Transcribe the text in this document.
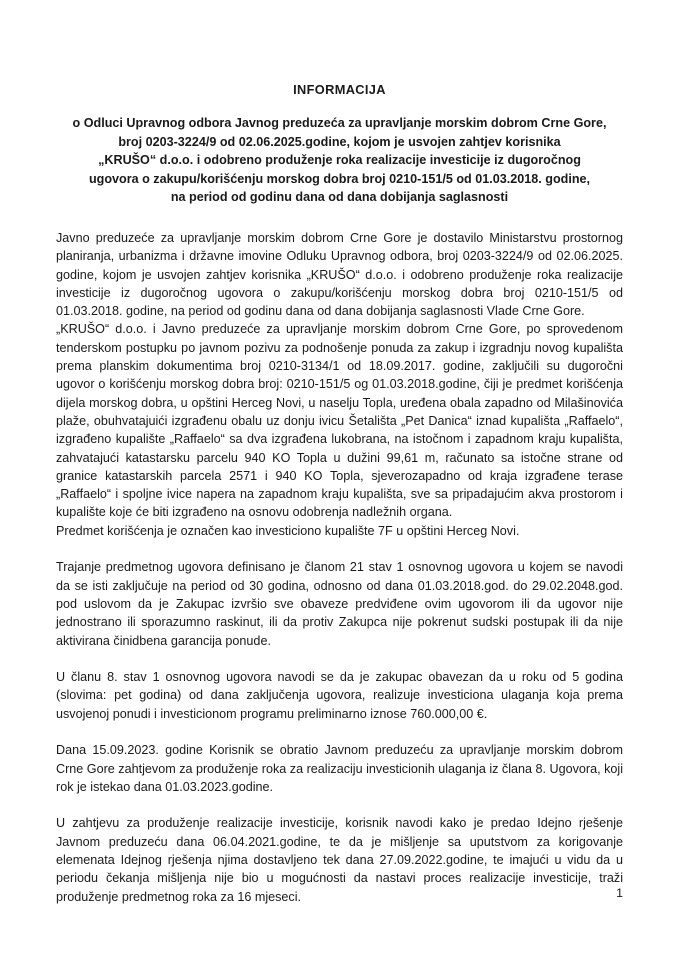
INFORMACIJA
o Odluci Upravnog odbora Javnog preduzeća za upravljanje morskim dobrom Crne Gore,
broj 0203-3224/9 od 02.06.2025.godine, kojom je usvojen zahtjev korisnika
„KRUŠO“ d.o.o. i odobreno produženje roka realizacije investicije iz dugoročnog
ugovora o zakupu/korišćenju morskog dobra broj 0210-151/5 od 01.03.2018. godine,
na period od godinu dana od dana dobijanja saglasnosti

Javno preduzeće za upravljanje morskim dobrom Crne Gore je dostavilo Ministarstvu prostornog planiranja, urbanizma i državne imovine Odluku Upravnog odbora, broj 0203-3224/9 od 02.06.2025. godine, kojom je usvojen zahtjev korisnika „KRUŠO“ d.o.o. i odobreno produženje roka realizacije investicije iz dugoročnog ugovora o zakupu/korišćenju morskog dobra broj 0210-151/5 od 01.03.2018. godine, na period od godinu dana od dana dobijanja saglasnosti Vlade Crne Gore.

„KRUŠO“ d.o.o. i Javno preduzeće za upravljanje morskim dobrom Crne Gore, po sprovedenom tenderskom postupku po javnom pozivu za podnošenje ponuda za zakup i izgradnju novog kupališta prema planskim dokumentima broj 0210-3134/1 od 18.09.2017. godine, zaključili su dugoročni ugovor o korišćenju morskog dobra broj: 0210-151/5 og 01.03.2018.godine, čiji je predmet korišćenja dijela morskog dobra, u opštini Herceg Novi, u naselju Topla, uređena obala zapadno od Milašinovića plaže, obuhvatajuići izgrađenu obalu uz donju ivicu Šetališta „Pet Danica“ iznad kupališta „Raffaelo“, izgrađeno kupalište „Raffaelo“ sa dva izgrađena lukobrana, na istočnom i zapadnom kraju kupališta, zahvatajući katastarsku parcelu 940 KO Topla u dužini 99,61 m, računato sa istočne strane od granice katastarskih parcela 2571 i 940 KO Topla, sjeverozapadno od kraja izgrađene terase „Raffaelo“ i spoljne ivice napera na zapadnom kraju kupališta, sve sa pripadajućim akva prostorom i kupalište koje će biti izgrađeno na osnovu odobrenja nadležnih organa.

Predmet korišćenja je označen kao investiciono kupalište 7F u opštini Herceg Novi.

Trajanje predmetnog ugovora definisano je članom 21 stav 1 osnovnog ugovora u kojem se navodi da se isti zaključuje na period od 30 godina, odnosno od dana 01.03.2018.god. do 29.02.2048.god. pod uslovom da je Zakupac izvršio sve obaveze predviđene ovim ugovorom ili da ugovor nije jednostrano ili sporazumno raskinut, ili da protiv Zakupca nije pokrenut sudski postupak ili da nije aktivirana činidbena garancija ponude.

U članu 8. stav 1 osnovnog ugovora navodi se da je zakupac obavezan da u roku od 5 godina (slovima: pet godina) od dana zaključenja ugovora, realizuje investiciona ulaganja koja prema usvojenoj ponudi i investicionom programu preliminarno iznose 760.000,00 €.

Dana 15.09.2023. godine Korisnik se obratio Javnom preduzeću za upravljanje morskim dobrom Crne Gore zahtjevom za produženje roka za realizaciju investicionih ulaganja iz člana 8. Ugovora, koji rok je istekao dana 01.03.2023.godine.

U zahtjevu za produženje realizacije investicije, korisnik navodi kako je predao Idejno rješenje Javnom preduzeću dana 06.04.2021.godine, te da je mišljenje sa uputstvom za korigovanje elemenata Idejnog rješenja njima dostavljeno tek dana 27.09.2022.godine, te imajući u vidu da u periodu čekanja mišljenja nije bio u mogućnosti da nastavi proces realizacije investicije, traži produženje predmetnog roka za 16 mjeseci.	1
